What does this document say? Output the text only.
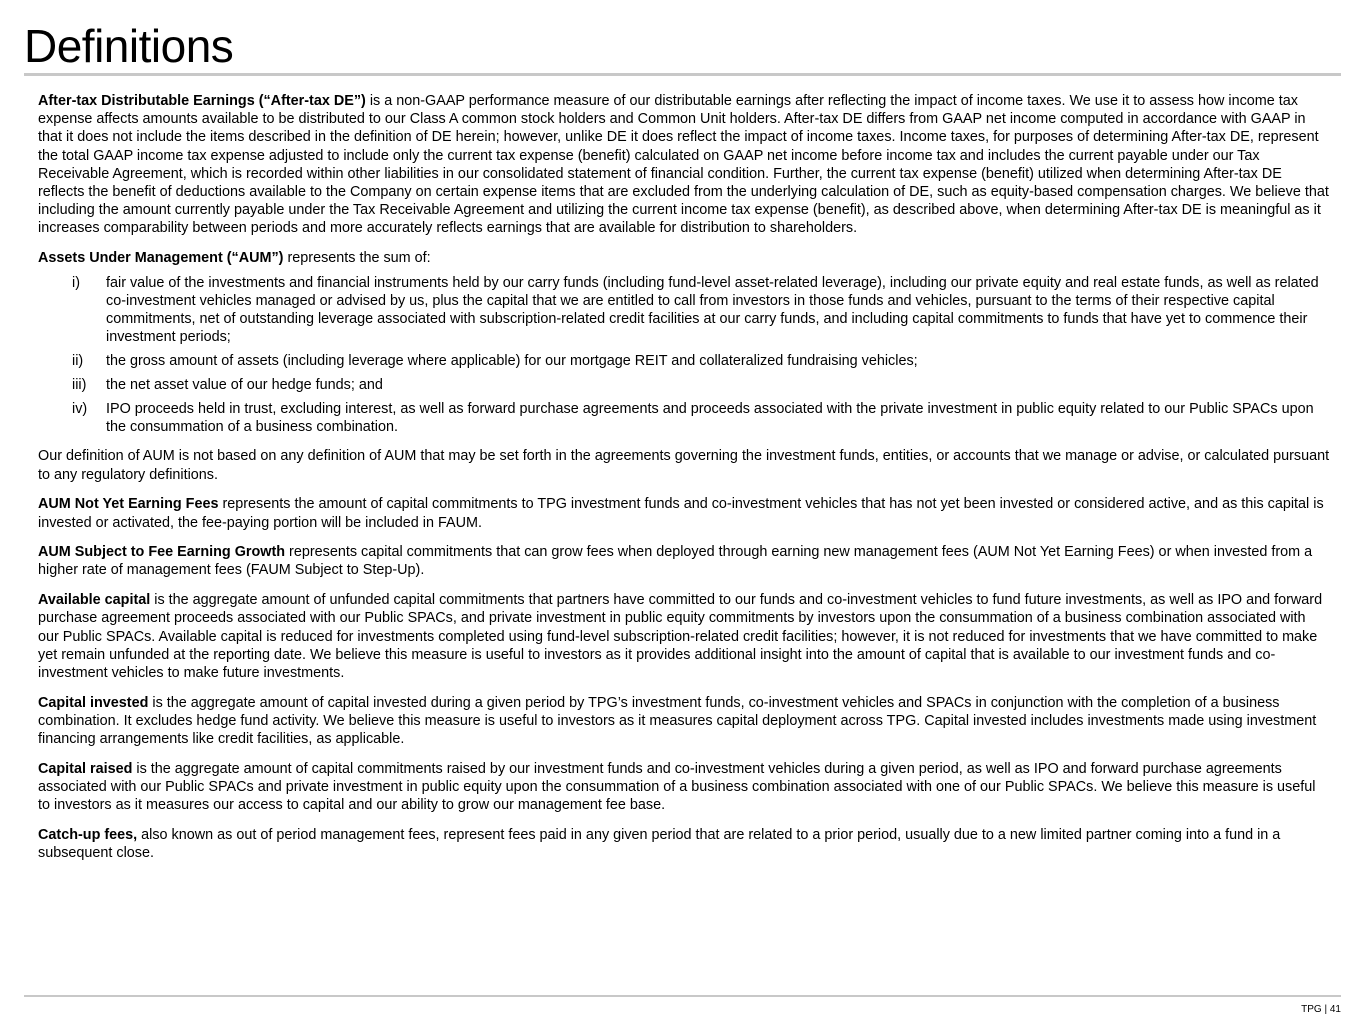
Definitions

After-tax Distributable Earnings (“After-tax DE”) is a non-GAAP performance measure of our distributable earnings after reflecting the impact of income taxes. We use it to assess how income tax expense affects amounts available to be distributed to our Class A common stock holders and Common Unit holders. After-tax DE differs from GAAP net income computed in accordance with GAAP in that it does not include the items described in the definition of DE herein; however, unlike DE it does reflect the impact of income taxes. Income taxes, for purposes of determining After-tax DE, represent the total GAAP income tax expense adjusted to include only the current tax expense (benefit) calculated on GAAP net income before income tax and includes the current payable under our Tax Receivable Agreement, which is recorded within other liabilities in our consolidated statement of financial condition. Further, the current tax expense (benefit) utilized when determining After-tax DE reflects the benefit of deductions available to the Company on certain expense items that are excluded from the underlying calculation of DE, such as equity-based compensation charges. We believe that including the amount currently payable under the Tax Receivable Agreement and utilizing the current income tax expense (benefit), as described above, when determining After-tax DE is meaningful as it increases comparability between periods and more accurately reflects earnings that are available for distribution to shareholders.

Assets Under Management (“AUM”) represents the sum of:

i)	fair value of the investments and financial instruments held by our carry funds (including fund-level asset-related leverage), including our private equity and real estate funds, as well as related co-investment vehicles managed or advised by us, plus the capital that we are entitled to call from investors in those funds and vehicles, pursuant to the terms of their respective capital commitments, net of outstanding leverage associated with subscription-related credit facilities at our carry funds, and including capital commitments to funds that have yet to commence their investment periods;
ii)	the gross amount of assets (including leverage where applicable) for our mortgage REIT and collateralized fundraising vehicles;
iii)	the net asset value of our hedge funds; and
iv)	IPO proceeds held in trust, excluding interest, as well as forward purchase agreements and proceeds associated with the private investment in public equity related to our Public SPACs upon the consummation of a business combination.

Our definition of AUM is not based on any definition of AUM that may be set forth in the agreements governing the investment funds, entities, or accounts that we manage or advise, or calculated pursuant to any regulatory definitions.

AUM Not Yet Earning Fees represents the amount of capital commitments to TPG investment funds and co-investment vehicles that has not yet been invested or considered active, and as this capital is invested or activated, the fee-paying portion will be included in FAUM.

AUM Subject to Fee Earning Growth represents capital commitments that can grow fees when deployed through earning new management fees (AUM Not Yet Earning Fees) or when invested from a higher rate of management fees (FAUM Subject to Step-Up).

Available capital is the aggregate amount of unfunded capital commitments that partners have committed to our funds and co-investment vehicles to fund future investments, as well as IPO and forward purchase agreement proceeds associated with our Public SPACs, and private investment in public equity commitments by investors upon the consummation of a business combination associated with our Public SPACs. Available capital is reduced for investments completed using fund-level subscription-related credit facilities; however, it is not reduced for investments that we have committed to make yet remain unfunded at the reporting date. We believe this measure is useful to investors as it provides additional insight into the amount of capital that is available to our investment funds and co-investment vehicles to make future investments.

Capital invested is the aggregate amount of capital invested during a given period by TPG’s investment funds, co-investment vehicles and SPACs in conjunction with the completion of a business combination. It excludes hedge fund activity. We believe this measure is useful to investors as it measures capital deployment across TPG. Capital invested includes investments made using investment financing arrangements like credit facilities, as applicable.

Capital raised is the aggregate amount of capital commitments raised by our investment funds and co-investment vehicles during a given period, as well as IPO and forward purchase agreements associated with our Public SPACs and private investment in public equity upon the consummation of a business combination associated with one of our Public SPACs. We believe this measure is useful to investors as it measures our access to capital and our ability to grow our management fee base.

Catch-up fees, also known as out of period management fees, represent fees paid in any given period that are related to a prior period, usually due to a new limited partner coming into a fund in a subsequent close.

TPG | 41
